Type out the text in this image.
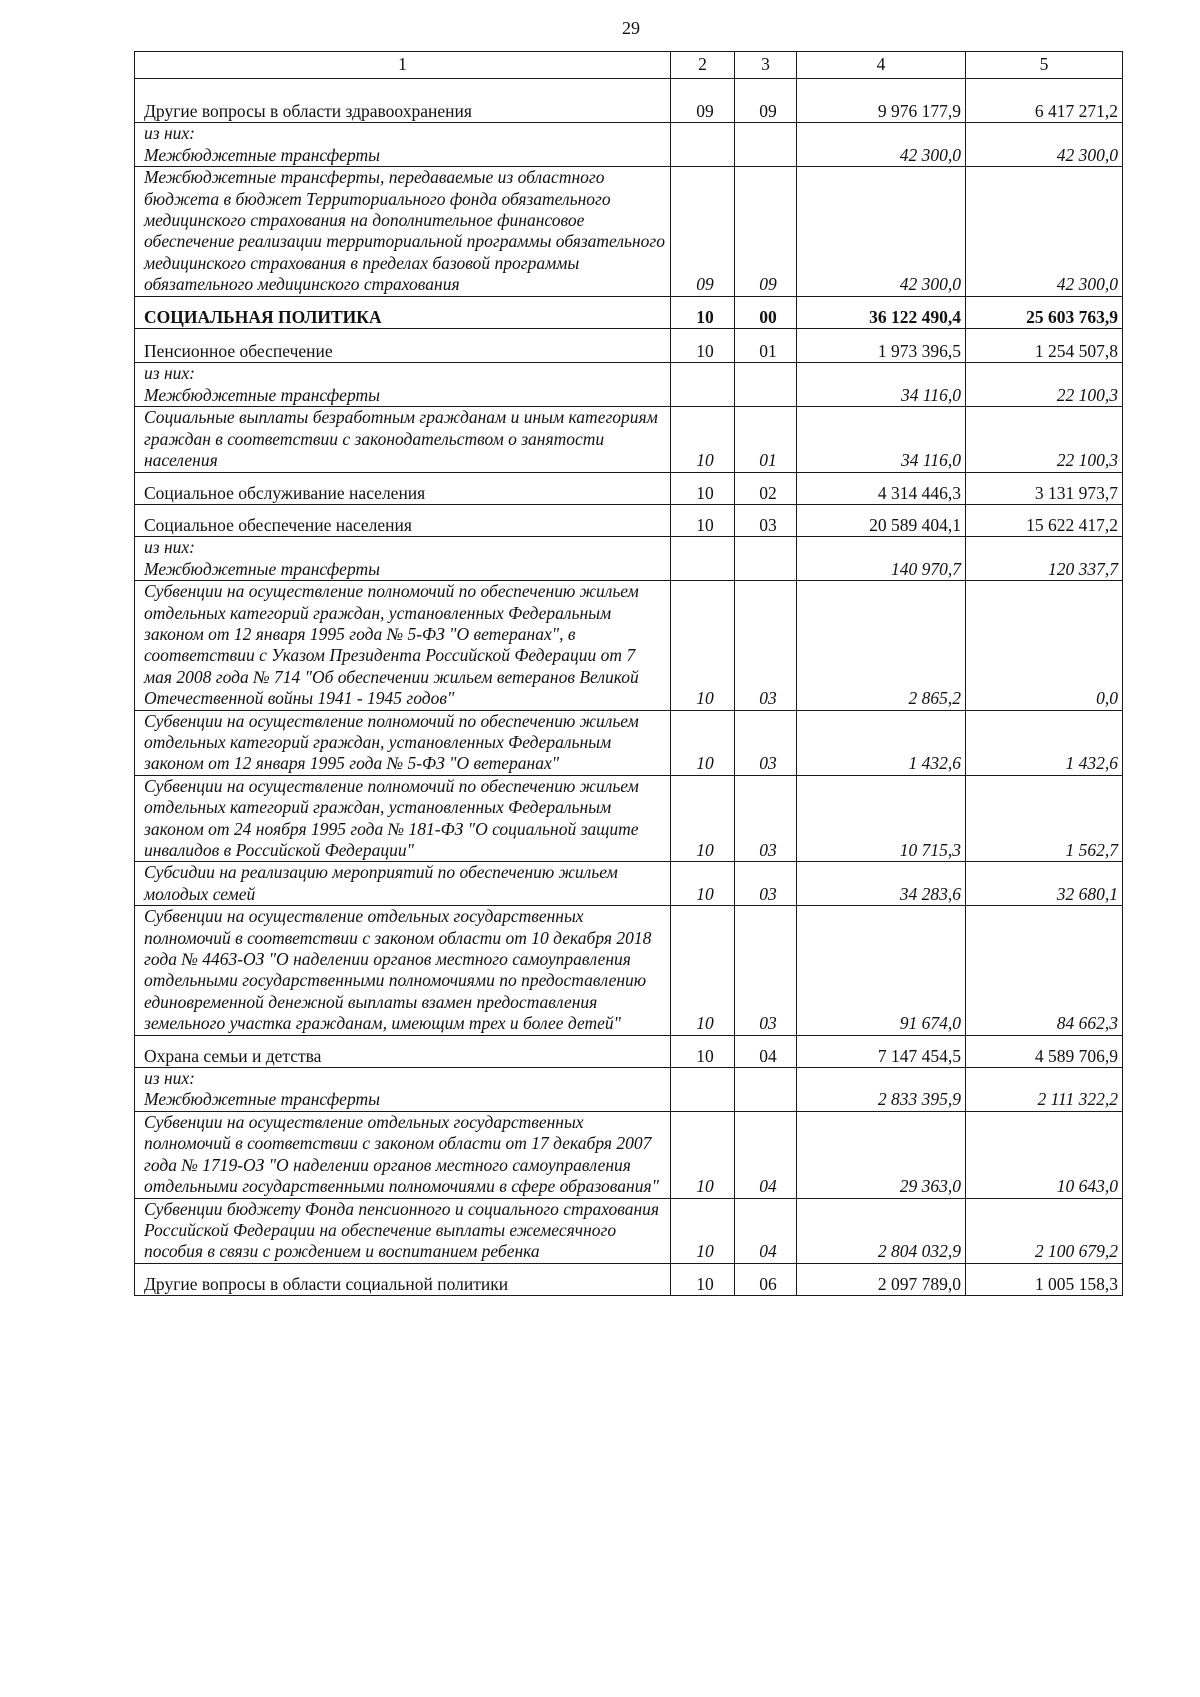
29
1	2	3	4	5
Другие вопросы в области здравоохранения	09	09	9 976 177,9	6 417 271,2

из них:
Межбюджетные трансферты			42 300,0	42 300,0
Межбюджетные трансферты, передаваемые из областного бюджета в бюджет Территориального фонда обязательного медицинского страхования на дополнительное финансовое обеспечение реализации территориальной программы обязательного медицинского страхования в пределах базовой программы обязательного медицинского страхования	09	09	42 300,0	42 300,0
СОЦИАЛЬНАЯ ПОЛИТИКА	10	00	36 122 490,4	25 603 763,9
Пенсионное обеспечение	10	01	1 973 396,5	1 254 507,8

из них:
Межбюджетные трансферты			34 116,0	22 100,3
Социальные выплаты безработным гражданам и иным категориям граждан в соответствии с законодательством о занятости населения	10	01	34 116,0	22 100,3
Социальное обслуживание населения	10	02	4 314 446,3	3 131 973,7
Социальное обеспечение населения	10	03	20 589 404,1	15 622 417,2

из них:
Межбюджетные трансферты			140 970,7	120 337,7
Субвенции на осуществление полномочий по обеспечению жильем отдельных категорий граждан, установленных Федеральным законом от 12 января 1995 года № 5-ФЗ "О ветеранах", в соответствии с Указом Президента Российской Федерации от 7 мая 2008 года № 714 "Об обеспечении жильем ветеранов Великой Отечественной войны 1941 - 1945 годов"	10	03	2 865,2	0,0
Субвенции на осуществление полномочий по обеспечению жильем отдельных категорий граждан, установленных Федеральным законом от 12 января 1995 года № 5-ФЗ "О ветеранах"	10	03	1 432,6	1 432,6
Субвенции на осуществление полномочий по обеспечению жильем отдельных категорий граждан, установленных Федеральным законом от 24 ноября 1995 года № 181-ФЗ "О социальной защите инвалидов в Российской Федерации"	10	03	10 715,3	1 562,7
Субсидии на реализацию мероприятий по обеспечению жильем молодых семей	10	03	34 283,6	32 680,1
Субвенции на осуществление отдельных государственных полномочий в соответствии с законом области от 10 декабря 2018 года № 4463-ОЗ "О наделении органов местного самоуправления отдельными государственными полномочиями по предоставлению единовременной денежной выплаты взамен предоставления земельного участка гражданам, имеющим трех и более детей"	10	03	91 674,0	84 662,3
Охрана семьи и детства	10	04	7 147 454,5	4 589 706,9

из них:
Межбюджетные трансферты			2 833 395,9	2 111 322,2
Субвенции на осуществление отдельных государственных полномочий в соответствии с законом области от 17 декабря 2007 года № 1719-ОЗ "О наделении органов местного самоуправления отдельными государственными полномочиями в сфере образования"	10	04	29 363,0	10 643,0
Субвенции бюджету Фонда пенсионного и социального страхования Российской Федерации на обеспечение выплаты ежемесячного пособия в связи с рождением и воспитанием ребенка	10	04	2 804 032,9	2 100 679,2
Другие вопросы в области социальной политики	10	06	2 097 789,0	1 005 158,3
